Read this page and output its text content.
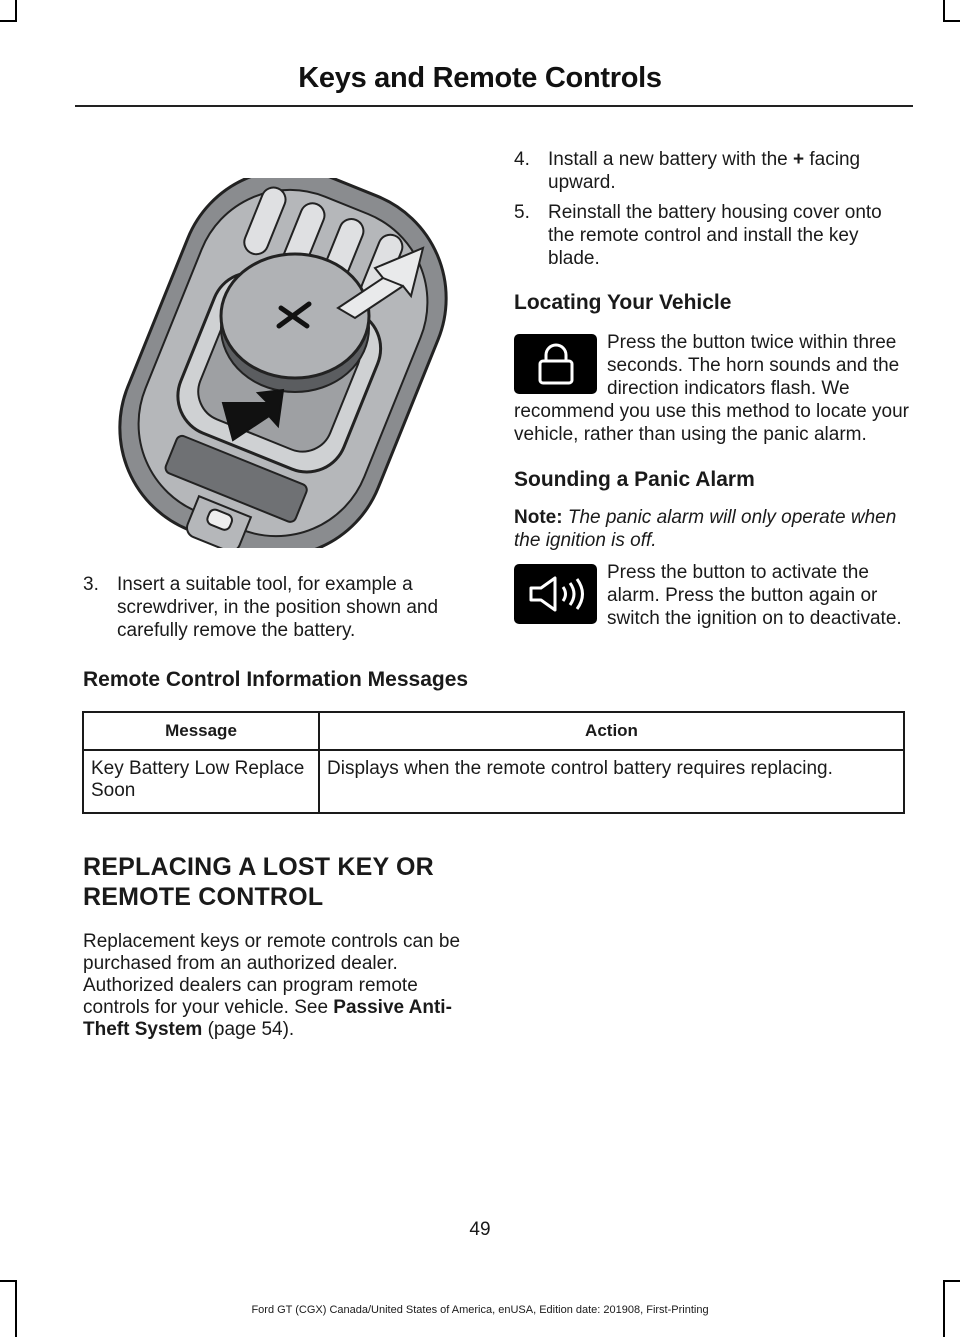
Keys and Remote Controls

3. Insert a suitable tool, for example a screwdriver, in the position shown and carefully remove the battery.

4. Install a new battery with the + facing upward.

5. Reinstall the battery housing cover onto the remote control and install the key blade.

Locating Your Vehicle

Press the button twice within three seconds. The horn sounds and the direction indicators flash. We recommend you use this method to locate your vehicle, rather than using the panic alarm.

Sounding a Panic Alarm

Note: The panic alarm will only operate when the ignition is off.

Press the button to activate the alarm. Press the button again or switch the ignition on to deactivate.

Remote Control Information Messages
Message	Action
Key Battery Low Replace Soon	Displays when the remote control battery requires replacing.
REPLACING A LOST KEY OR
REMOTE CONTROL

Replacement keys or remote controls can be purchased from an authorized dealer. Authorized dealers can program remote controls for your vehicle. See Passive Anti-Theft System (page 54).

49
Ford GT (CGX) Canada/United States of America, enUSA, Edition date: 201908, First-Printing
